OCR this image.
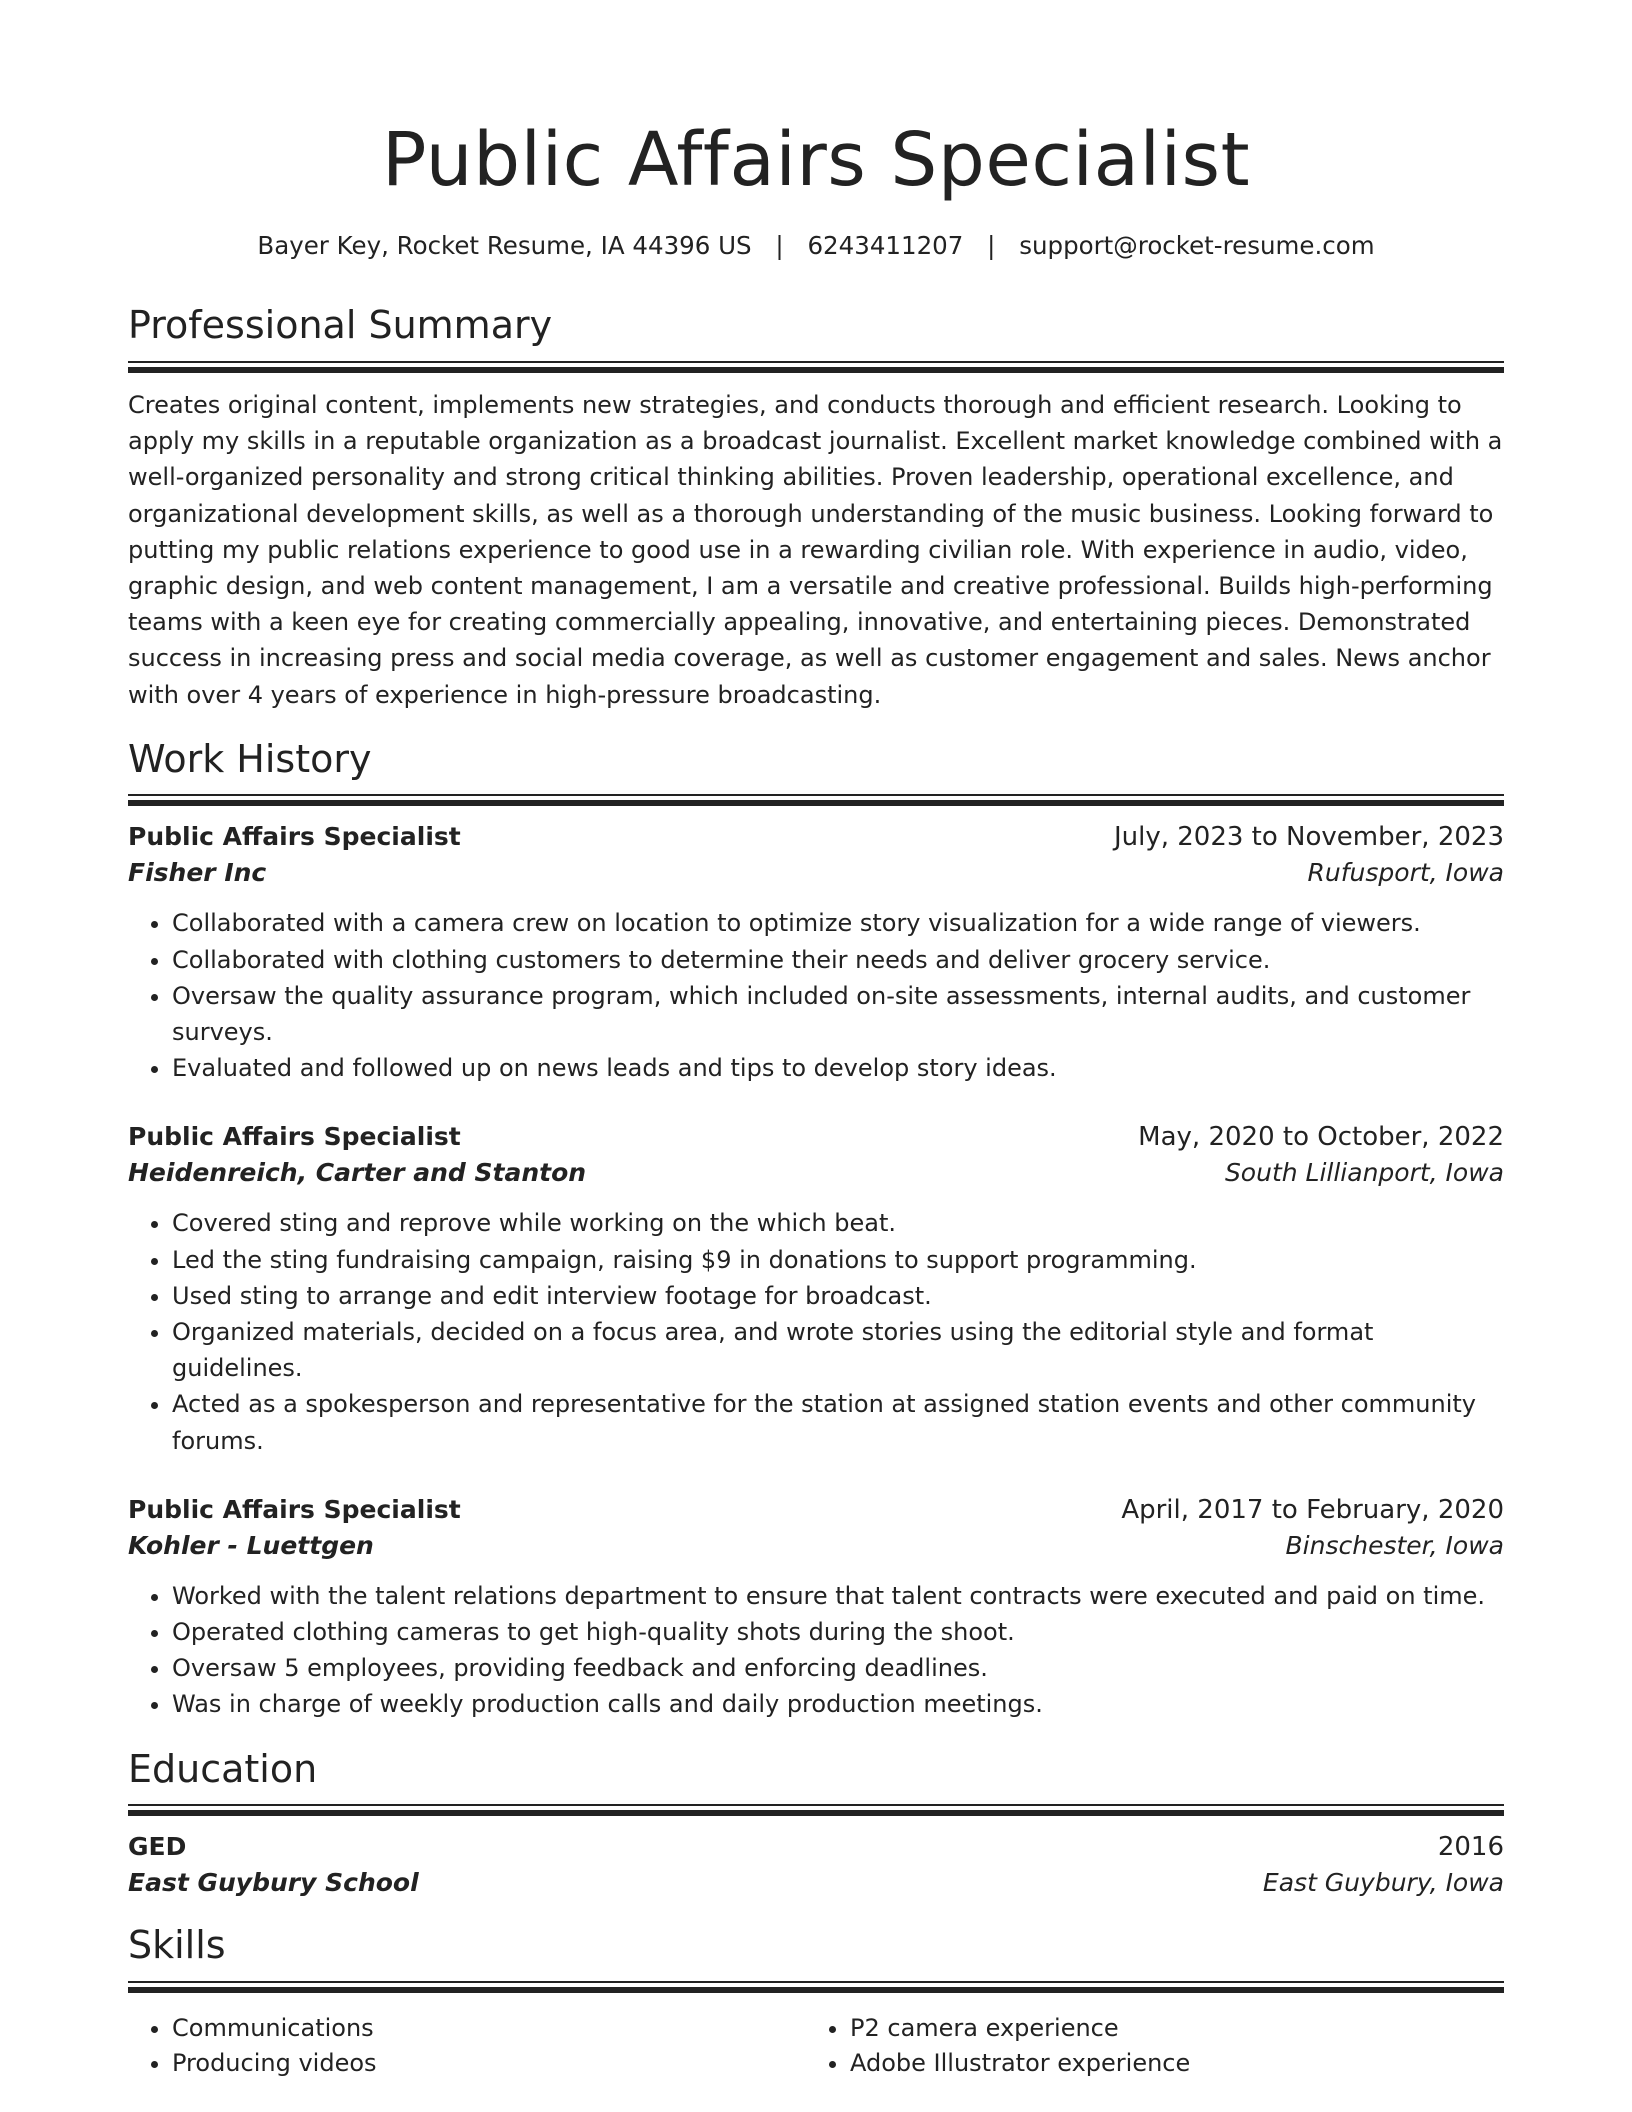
Public Affairs Specialist
Bayer Key, Rocket Resume, IA 44396 US | 6243411207 | support@rocket-resume.com
Professional Summary
Creates original content, implements new strategies, and conducts thorough and efficient research. Looking to apply my skills in a reputable organization as a broadcast journalist. Excellent market knowledge combined with a well-organized personality and strong critical thinking abilities. Proven leadership, operational excellence, and organizational development skills, as well as a thorough understanding of the music business. Looking forward to putting my public relations experience to good use in a rewarding civilian role. With experience in audio, video, graphic design, and web content management, I am a versatile and creative professional. Builds high-performing teams with a keen eye for creating commercially appealing, innovative, and entertaining pieces. Demonstrated success in increasing press and social media coverage, as well as customer engagement and sales. News anchor with over 4 years of experience in high-pressure broadcasting.
Work History
Public Affairs Specialist	July, 2023 to November, 2023
Fisher Inc	Rufusport, Iowa
• Collaborated with a camera crew on location to optimize story visualization for a wide range of viewers.
• Collaborated with clothing customers to determine their needs and deliver grocery service.
• Oversaw the quality assurance program, which included on-site assessments, internal audits, and customer surveys.
• Evaluated and followed up on news leads and tips to develop story ideas.
Public Affairs Specialist	May, 2020 to October, 2022
Heidenreich, Carter and Stanton	South Lillianport, Iowa
• Covered sting and reprove while working on the which beat.
• Led the sting fundraising campaign, raising $9 in donations to support programming.
• Used sting to arrange and edit interview footage for broadcast.
• Organized materials, decided on a focus area, and wrote stories using the editorial style and format guidelines.
• Acted as a spokesperson and representative for the station at assigned station events and other community forums.
Public Affairs Specialist	April, 2017 to February, 2020
Kohler - Luettgen	Binschester, Iowa
• Worked with the talent relations department to ensure that talent contracts were executed and paid on time.
• Operated clothing cameras to get high-quality shots during the shoot.
• Oversaw 5 employees, providing feedback and enforcing deadlines.
• Was in charge of weekly production calls and daily production meetings.
Education
GED	2016
East Guybury School	East Guybury, Iowa
Skills
• Communications
• Producing videos
• P2 camera experience
• Adobe Illustrator experience
